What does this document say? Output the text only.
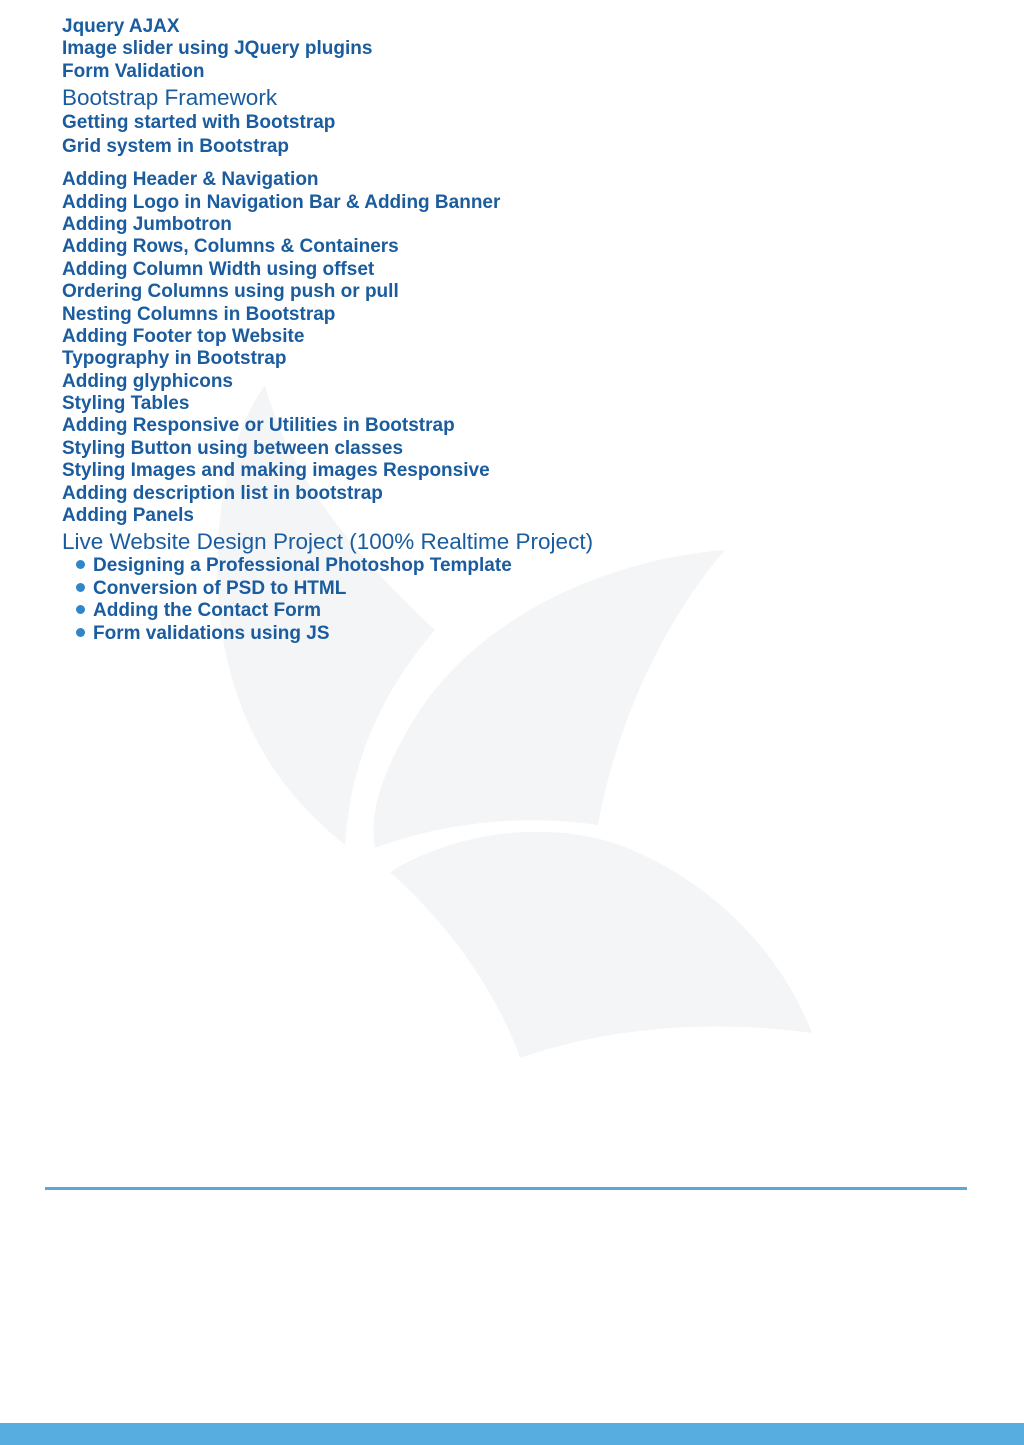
Jquery AJAX
Image slider using JQuery plugins
Form Validation
Bootstrap Framework
Getting started with Bootstrap
Grid system in Bootstrap
Adding Header & Navigation
Adding Logo in Navigation Bar & Adding Banner
Adding Jumbotron
Adding Rows, Columns & Containers
Adding Column Width using offset
Ordering Columns using push or pull
Nesting Columns in Bootstrap
Adding Footer top Website
Typography in Bootstrap
Adding glyphicons
Styling Tables
Adding Responsive or Utilities in Bootstrap
Styling Button using between classes
Styling Images and making images Responsive
Adding description list in bootstrap
Adding Panels
Live Website Design Project (100% Realtime Project)
Designing a Professional Photoshop Template
Conversion of PSD to HTML
Adding the Contact Form
Form validations using JS
